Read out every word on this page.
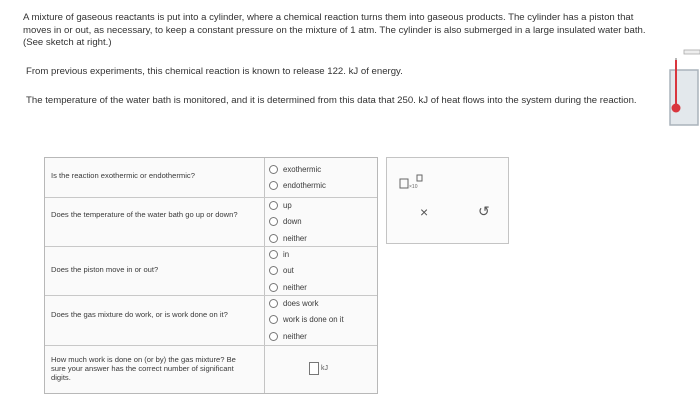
A mixture of gaseous reactants is put into a cylinder, where a chemical reaction turns them into gaseous products. The cylinder has a piston that moves in or out, as necessary, to keep a constant pressure on the mixture of 1 atm. The cylinder is also submerged in a large insulated water bath. (See sketch at right.)

From previous experiments, this chemical reaction is known to release 122. kJ of energy.

The temperature of the water bath is monitored, and it is determined from this data that 250. kJ of heat flows into the system during the reaction.

Is the reaction exothermic or endothermic?
exothermic
endothermic
Does the temperature of the water bath go up or down?
up
down
neither
Does the piston move in or out?
in
out
neither
Does the gas mixture do work, or is work done on it?
does work
work is done on it
neither
How much work is done on (or by) the gas mixture? Be sure your answer has the correct number of significant digits.
kJ
×10
×	↺
